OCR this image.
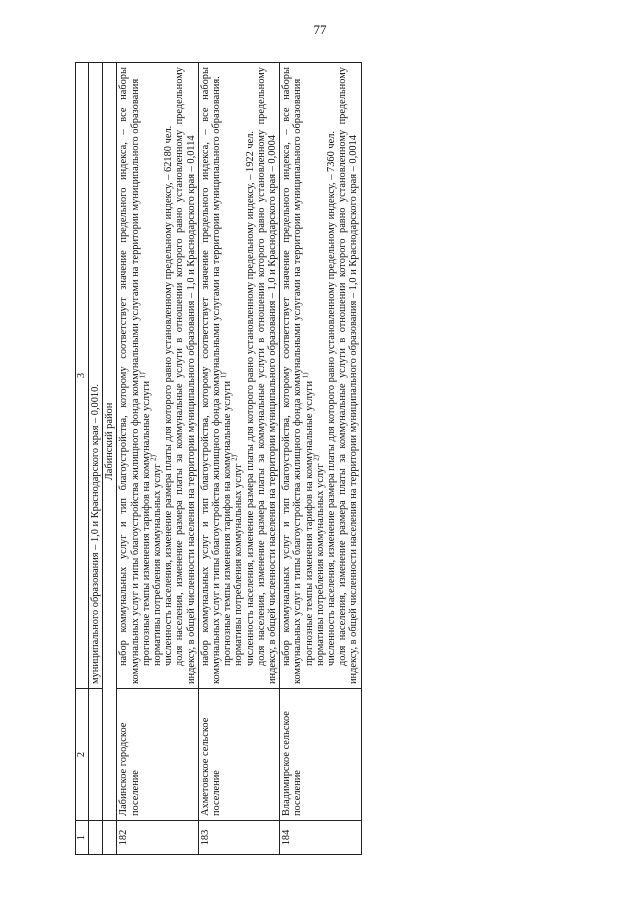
77
1	2	3
		муниципального образования – 1,0 и Краснодарского края – 0,0010.
	Лабинский район	
182	Лабинское городское поселение	набор коммунальных услуг и тип благоустройства, которому соответствует значение предельного индекса, – все наборы коммунальных услуг и типы благоустройства жилищного фонда коммунальными услугами на территории муниципального образования прогнозные темпы изменения тарифов на коммунальные услуги $^{1)}$

нормативы потребления коммунальных услуг $^{2)}$ численность населения, изменение размера платы для которого равно установленному предельному индексу, – 62180 чел. доля населения, изменение размера платы за коммунальные услуги в отношении которого равно установленному предельному индексу, в общей численности населения на территории муниципального образования – 1,0 и Краснодарского края – 0,0114

183	Ахметовское сельское поселение	набор коммунальных услуг и тип благоустройства, которому соответствует значение предельного индекса, – все наборы коммунальных услуг и типы благоустройства жилищного фонда коммунальными услугами на территории муниципального образования. прогнозные темпы изменения тарифов на коммунальные услуги $^{1)}$

нормативы потребления коммунальных услуг $^{2)}$ численность населения, изменение размера платы для которого равно установленному предельному индексу, – 1922 чел. доля населения, изменение размера платы за коммунальные услуги в отношении которого равно установленному предельному индексу, в общей численности населения на территории муниципального образования – 1,0 и Краснодарского края – 0,0004

184	Владимирское сельское поселение	набор коммунальных услуг и тип благоустройства, которому соответствует значение предельного индекса, – все наборы коммунальных услуг и типы благоустройства жилищного фонда коммунальными услугами на территории муниципального образования прогнозные темпы изменения тарифов на коммунальные услуги $^{1)}$

нормативы потребления коммунальных услуг $^{2)}$ численность населения, изменение размера платы для которого равно установленному предельному индексу, – 7360 чел. доля населения, изменение размера платы за коммунальные услуги в отношении которого равно установленному предельному индексу, в общей численности населения на территории муниципального образования – 1,0 и Краснодарского края – 0,0014
